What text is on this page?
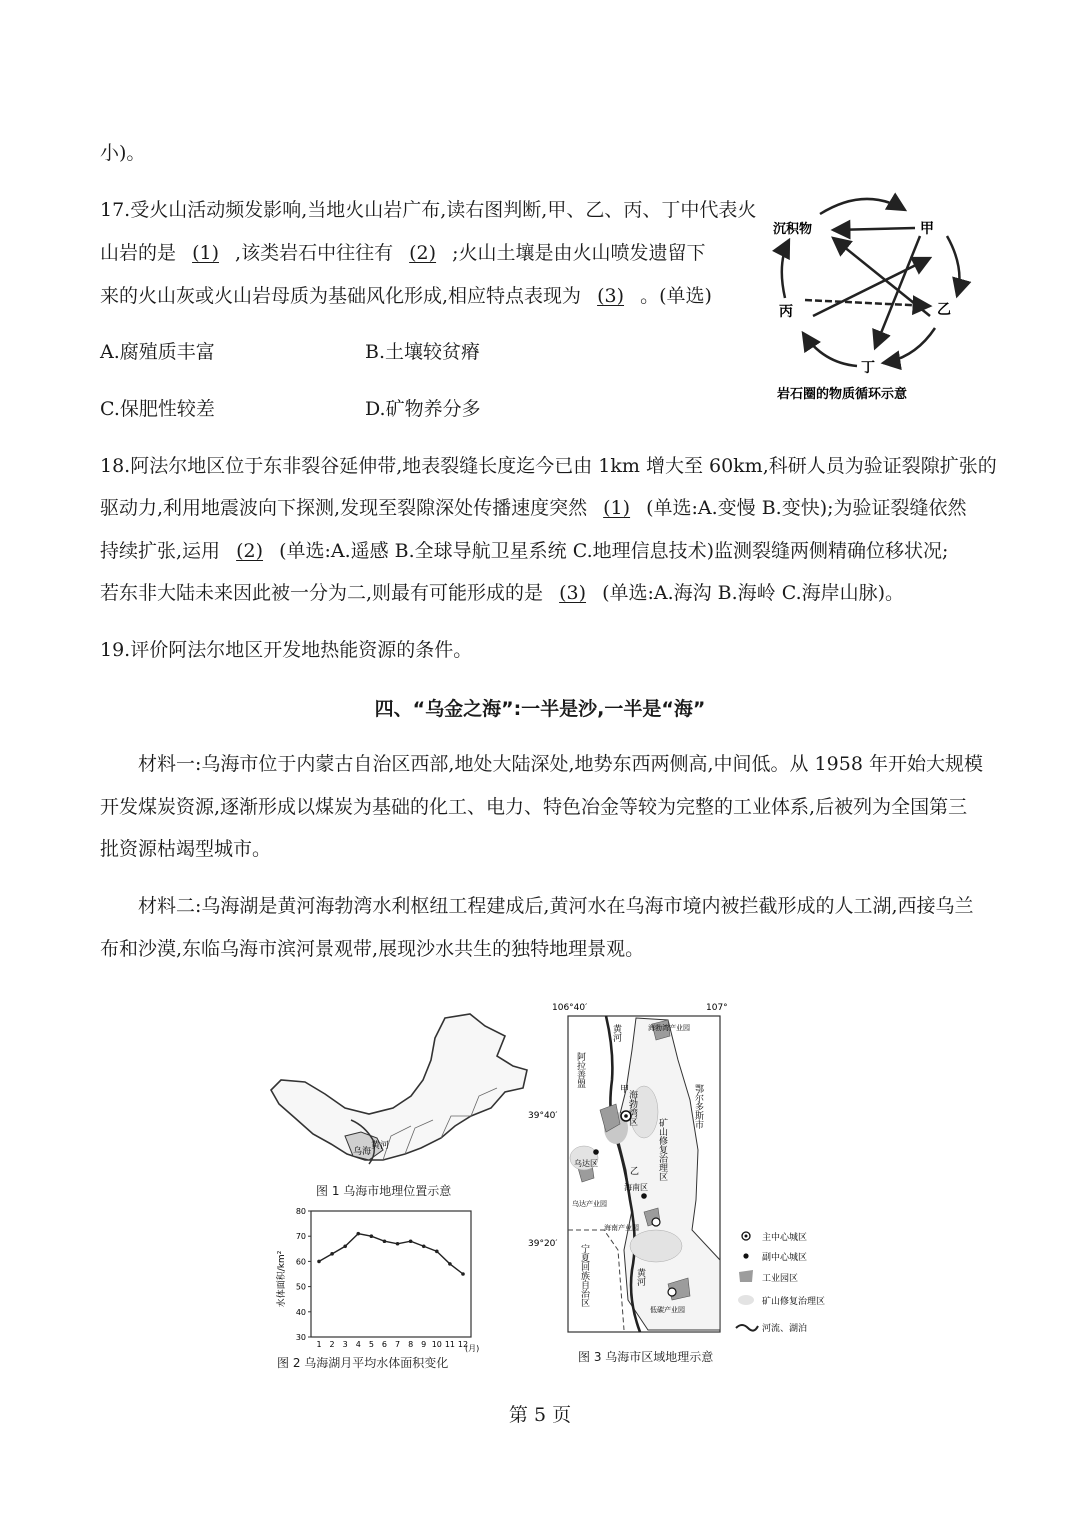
小)。
17.受火山活动频发影响,当地火山岩广布,读右图判断,甲、乙、丙、丁中代表火
山岩的是 (1) ,该类岩石中往往有 (2) ;火山土壤是由火山喷发遗留下
来的火山灰或火山岩母质为基础风化形成,相应特点表现为 (3) 。(单选)
A.腐殖质丰富	B.土壤较贫瘠
C.保肥性较差	D.矿物养分多
沉积物	甲
乙
丙
丁
岩石圈的物质循环示意
18.阿法尔地区位于东非裂谷延伸带,地表裂缝长度迄今已由 1km 增大至 60km,科研人员为验证裂隙扩张的
驱动力,利用地震波向下探测,发现至裂隙深处传播速度突然 (1) (单选:A.变慢 B.变快);为验证裂缝依然
持续扩张,运用 (2) (单选:A.遥感 B.全球导航卫星系统 C.地理信息技术)监测裂缝两侧精确位移状况;
若东非大陆未来因此被一分为二,则最有可能形成的是 (3) (单选:A.海沟 B.海岭 C.海岸山脉)。
19.评价阿法尔地区开发地热能资源的条件。
四、“乌金之海”:一半是沙,一半是“海”
材料一:乌海市位于内蒙古自治区西部,地处大陆深处,地势东西两侧高,中间低。从 1958 年开始大规模
开发煤炭资源,逐渐形成以煤炭为基础的化工、电力、特色冶金等较为完整的工业体系,后被列为全国第三
批资源枯竭型城市。
材料二:乌海湖是黄河海勃湾水利枢纽工程建成后,黄河水在乌海市境内被拦截形成的人工湖,西接乌兰
布和沙漠,东临乌海市滨河景观带,展现沙水共生的独特地理景观。
乌海
黄河
图 1 乌海市地理位置示意
30
40
50
60
70
80
1 2 3 4 5 6 7 8 9 10 11 12
水体面积/km²
(月)
图 2 乌海湖月平均水体面积变化
106°40′	107°
39°40′
39°20′
阿拉善盟
鄂尔多斯市
宁夏回族自治区
海勃湾产业园
黄河
海勃湾区
甲
乙 矿山修复治理区
乌达区
乌达产业园
海南区
海南产业园
黄河
低碳产业园
主中心城区
副中心城区
工业园区
矿山修复治理区
河流、湖泊
图 3 乌海市区域地理示意
第 5 页
